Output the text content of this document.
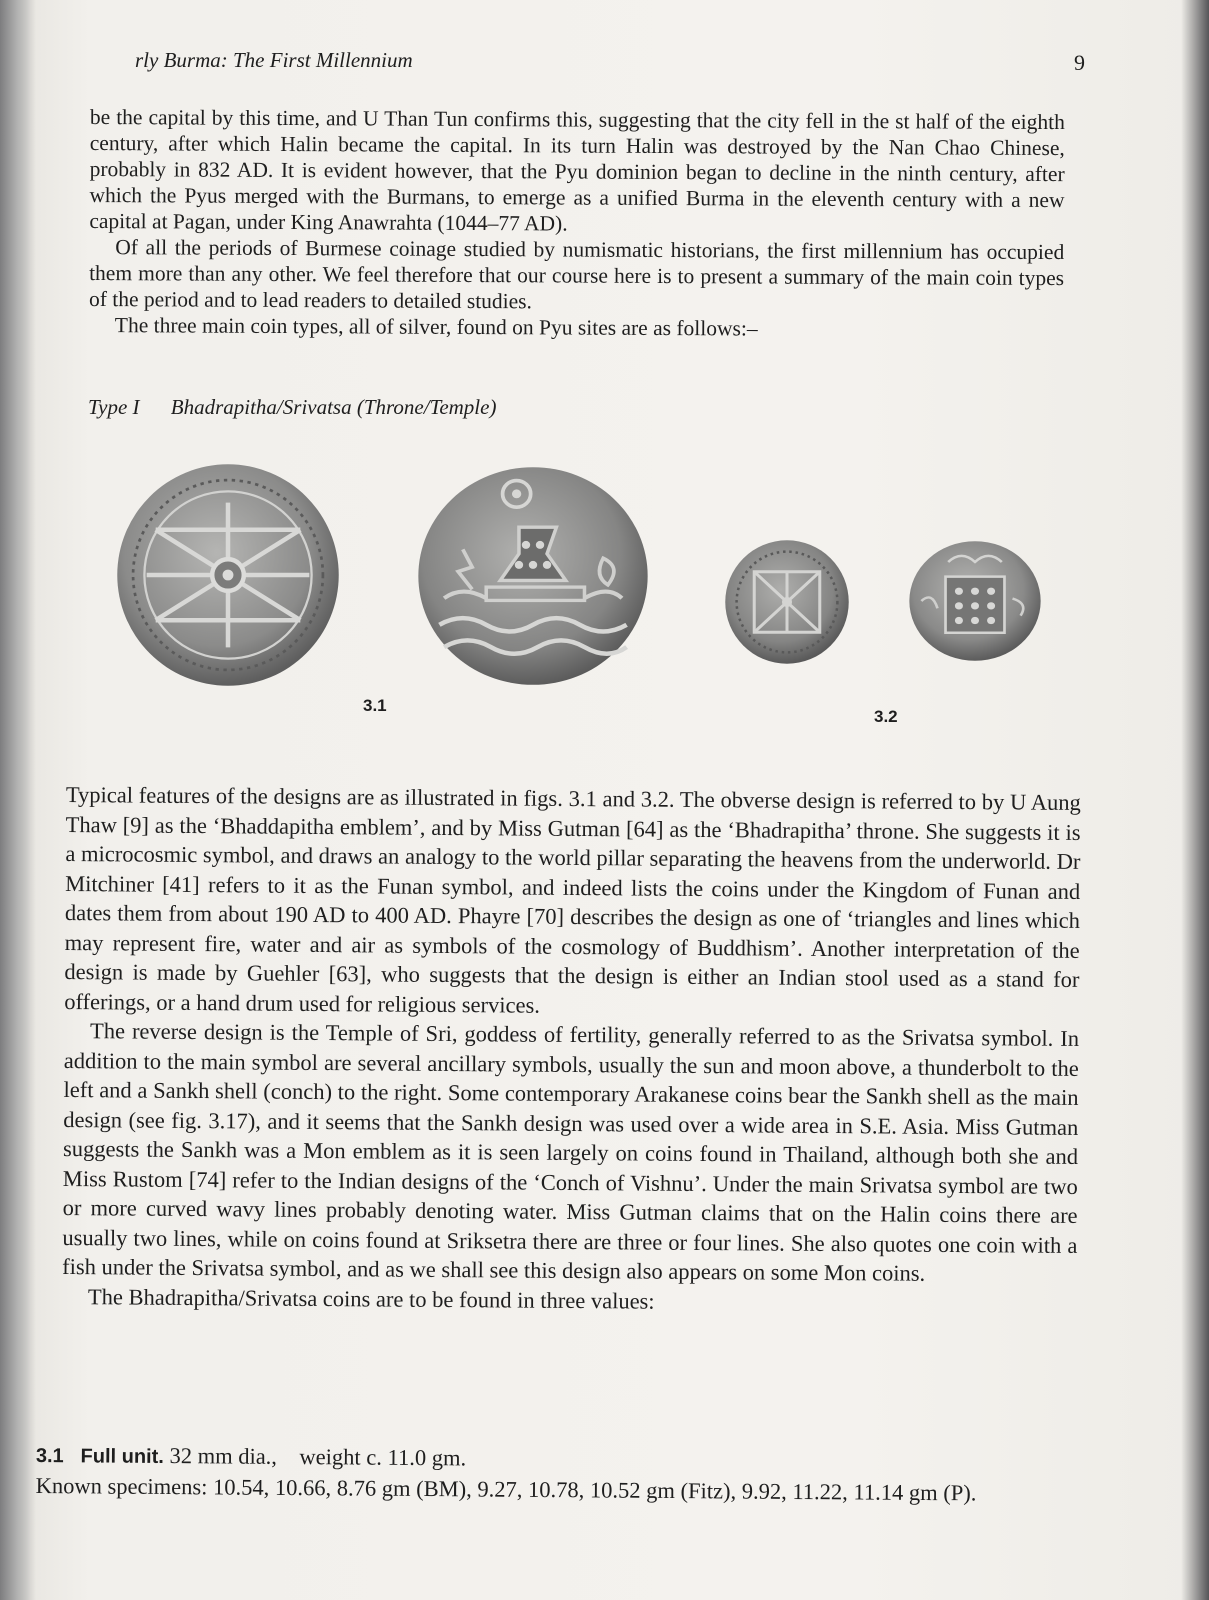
rly Burma: The First Millennium	9

be the capital by this time, and U Than Tun confirms this, suggesting that the city fell in the st half of the eighth century, after which Halin became the capital. In its turn Halin was destroyed by the Nan Chao Chinese, probably in 832 AD. It is evident however, that the Pyu dominion began to decline in the ninth century, after which the Pyus merged with the Burmans, to emerge as a unified Burma in the eleventh century with a new capital at Pagan, under King Anawrahta (1044–77 AD).

Of all the periods of Burmese coinage studied by numismatic historians, the first millennium has occupied them more than any other. We feel therefore that our course here is to present a summary of the main coin types of the period and to lead readers to detailed studies.

The three main coin types, all of silver, found on Pyu sites are as follows:–

Type I Bhadrapitha/Srivatsa (Throne/Temple)
3.1
3.2

Typical features of the designs are as illustrated in figs. 3.1 and 3.2. The obverse design is referred to by U Aung Thaw [9] as the ‘Bhaddapitha emblem’, and by Miss Gutman [64] as the ‘Bhadrapitha’ throne. She suggests it is a microcosmic symbol, and draws an analogy to the world pillar separating the heavens from the underworld. Dr Mitchiner [41] refers to it as the Funan symbol, and indeed lists the coins under the Kingdom of Funan and dates them from about 190 AD to 400 AD. Phayre [70] describes the design as one of ‘triangles and lines which may represent fire, water and air as symbols of the cosmology of Buddhism’. Another interpretation of the design is made by Guehler [63], who suggests that the design is either an Indian stool used as a stand for offerings, or a hand drum used for religious services.

The reverse design is the Temple of Sri, goddess of fertility, generally referred to as the Srivatsa symbol. In addition to the main symbol are several ancillary symbols, usually the sun and moon above, a thunderbolt to the left and a Sankh shell (conch) to the right. Some contemporary Arakanese coins bear the Sankh shell as the main design (see fig. 3.17), and it seems that the Sankh design was used over a wide area in S.E. Asia. Miss Gutman suggests the Sankh was a Mon emblem as it is seen largely on coins found in Thailand, although both she and Miss Rustom [74] refer to the Indian designs of the ‘Conch of Vishnu’. Under the main Srivatsa symbol are two or more curved wavy lines probably denoting water. Miss Gutman claims that on the Halin coins there are usually two lines, while on coins found at Sriksetra there are three or four lines. She also quotes one coin with a fish under the Srivatsa symbol, and as we shall see this design also appears on some Mon coins.

The Bhadrapitha/Srivatsa coins are to be found in three values:

3.1 Full unit. 32 mm dia.,    weight c. 11.0 gm.

Known specimens: 10.54, 10.66, 8.76 gm (BM), 9.27, 10.78, 10.52 gm (Fitz), 9.92, 11.22, 11.14 gm (P).
